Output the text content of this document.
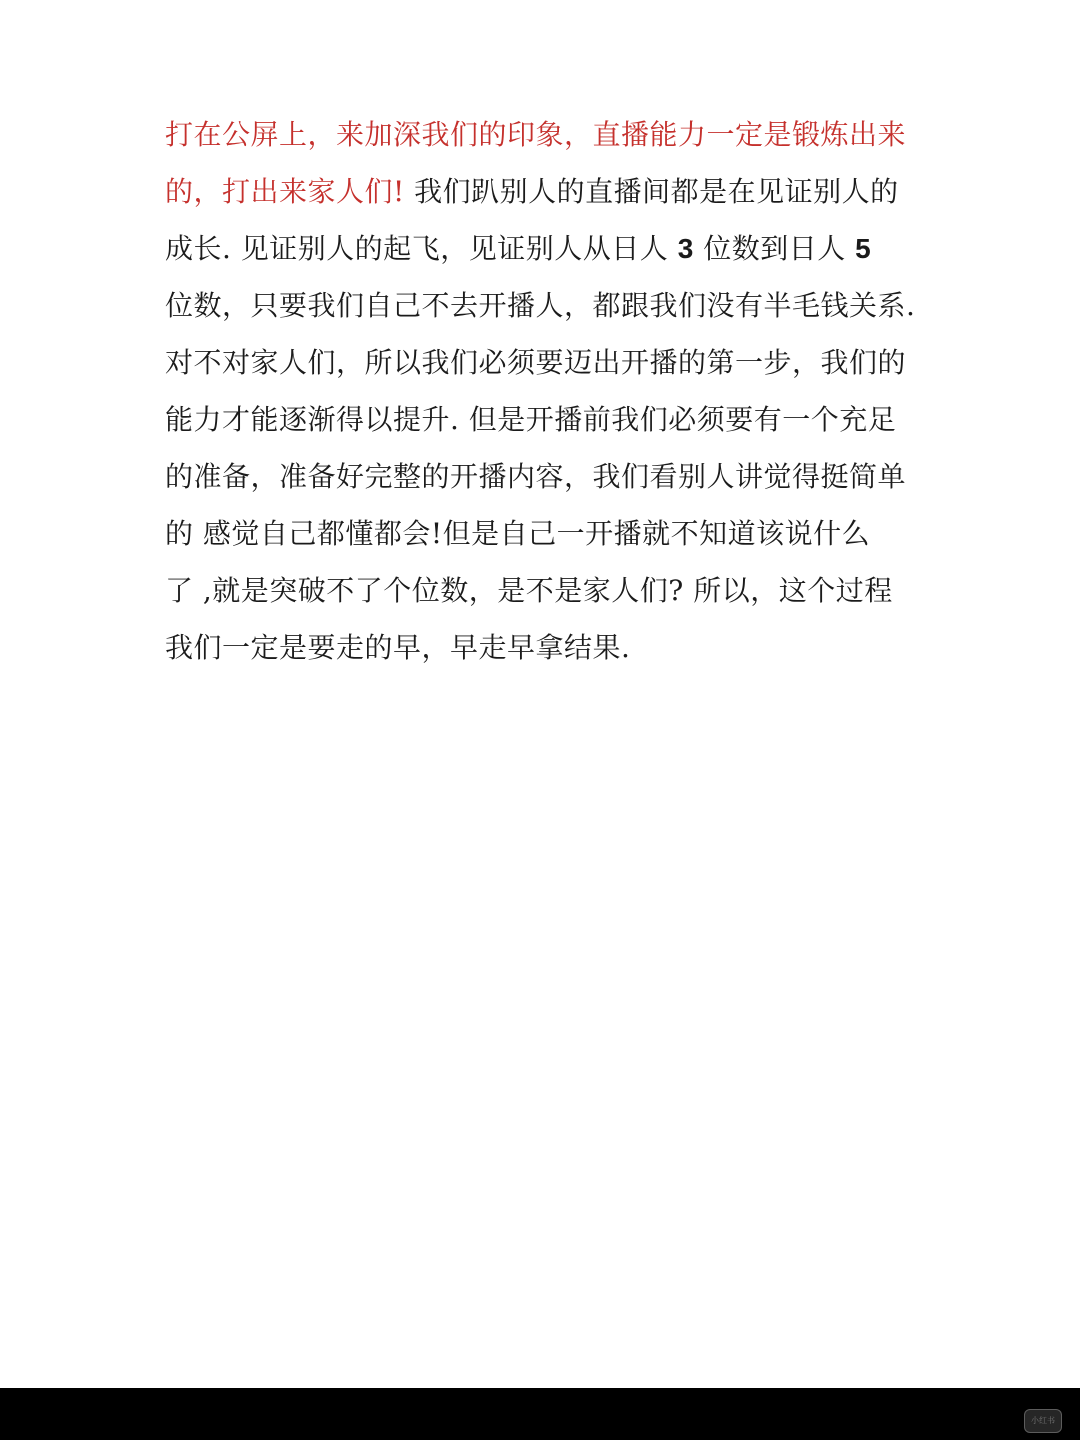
打在公屏上，来加深我们的印象，直播能力一定是锻炼出来
的，打出来家人们! 我们趴别人的直播间都是在见证别人的
成长. 见证别人的起飞，见证别人从日人 3 位数到日人 5
位数，只要我们自己不去开播人，都跟我们没有半毛钱关系.
对不对家人们，所以我们必须要迈出开播的第一步，我们的
能力才能逐渐得以提升. 但是开播前我们必须要有一个充足
的准备，准备好完整的开播内容，我们看别人讲觉得挺简单
的 感觉自己都懂都会!但是自己一开播就不知道该说什么
了 ,就是突破不了个位数，是不是家人们? 所以，这个过程
我们一定是要走的早，早走早拿结果.
小红书
